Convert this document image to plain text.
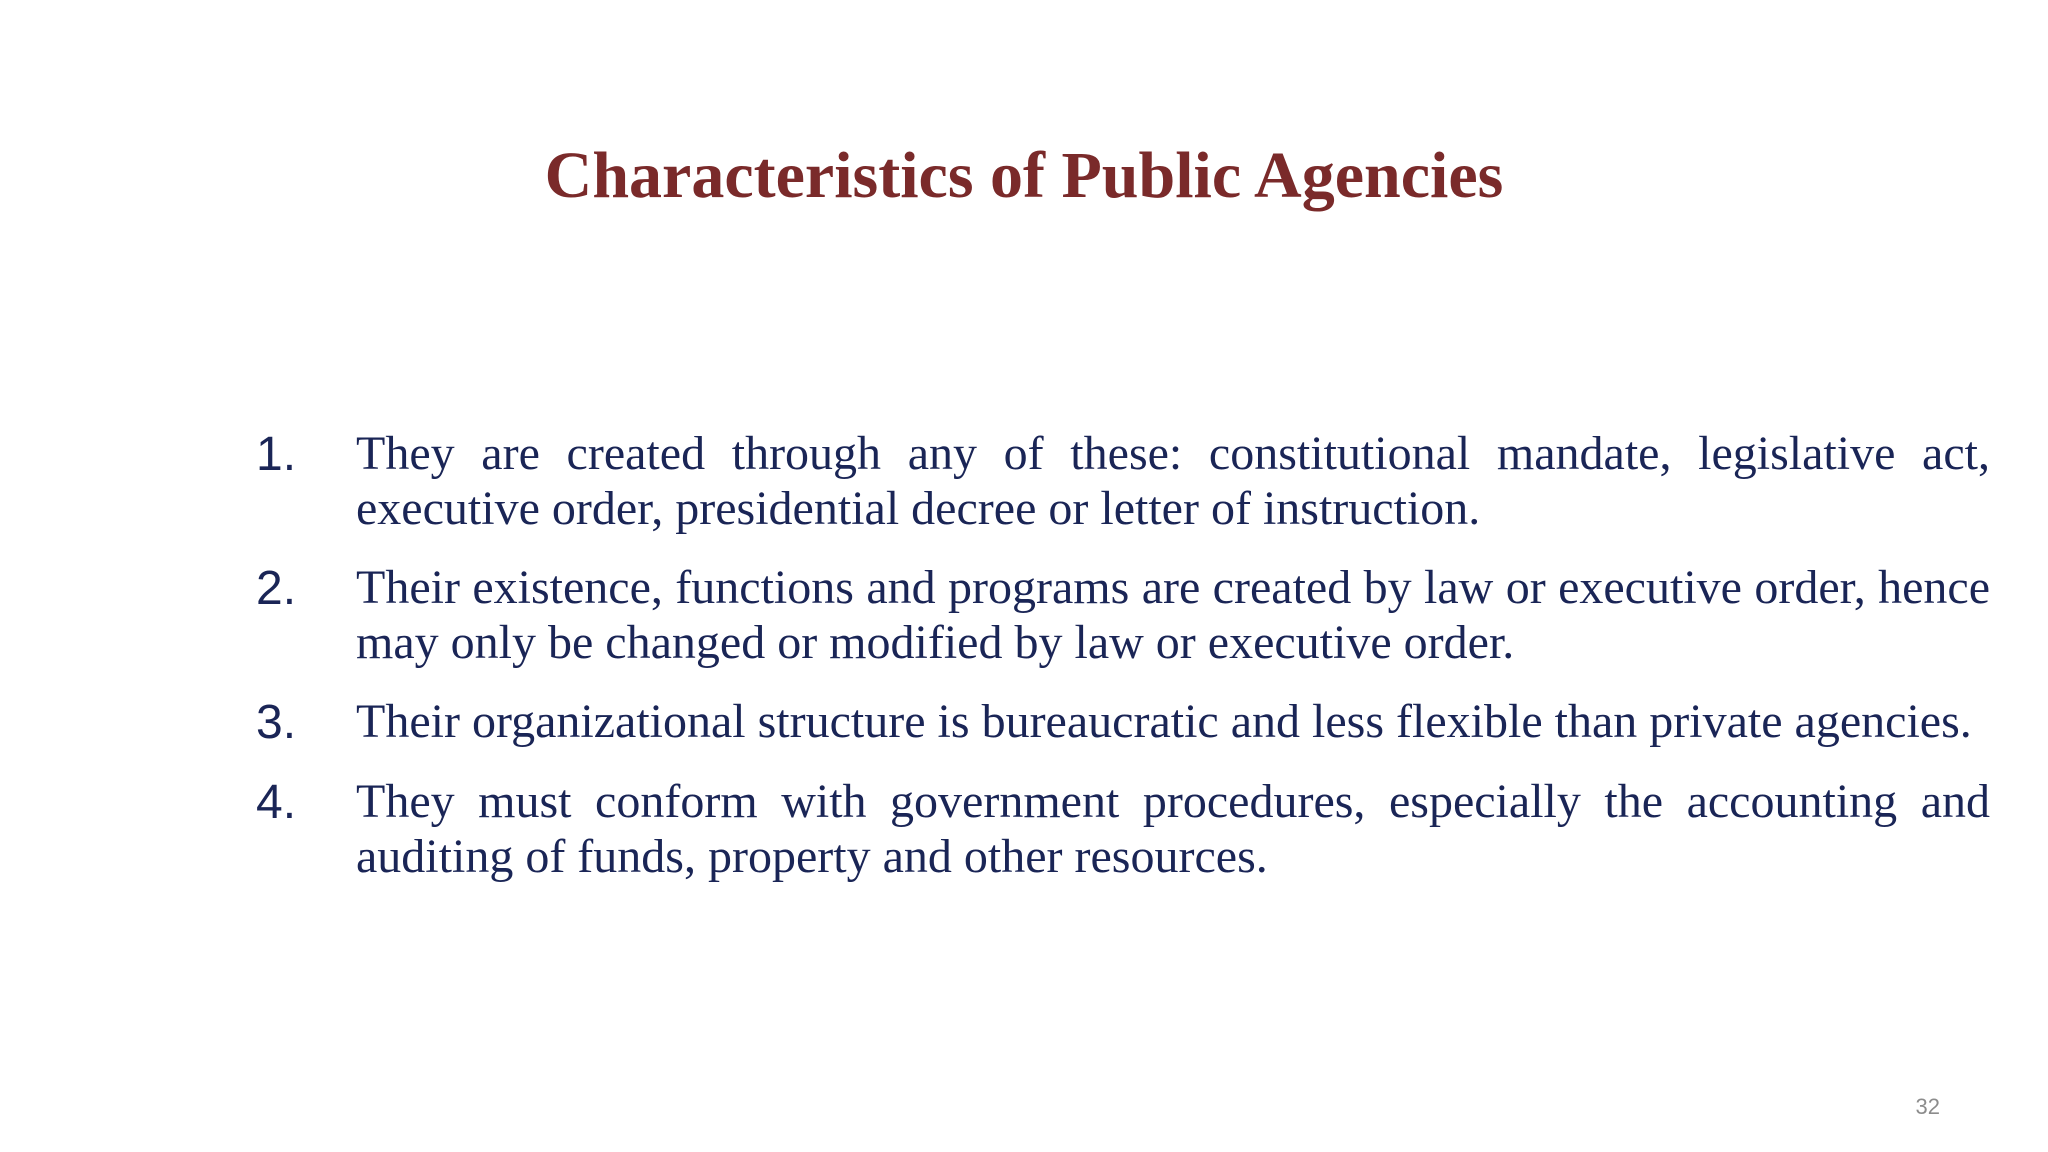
Characteristics of Public Agencies
1.	They are created through any of these: constitutional mandate, legislative act, executive order, presidential decree or letter of instruction.
2.	Their existence, functions and programs are created by law or executive order, hence may only be changed or modified by law or executive order.
3.	Their organizational structure is bureaucratic and less flexible than private agencies.
4.	They must conform with government procedures, especially the accounting and auditing of funds, property and other resources.
32
